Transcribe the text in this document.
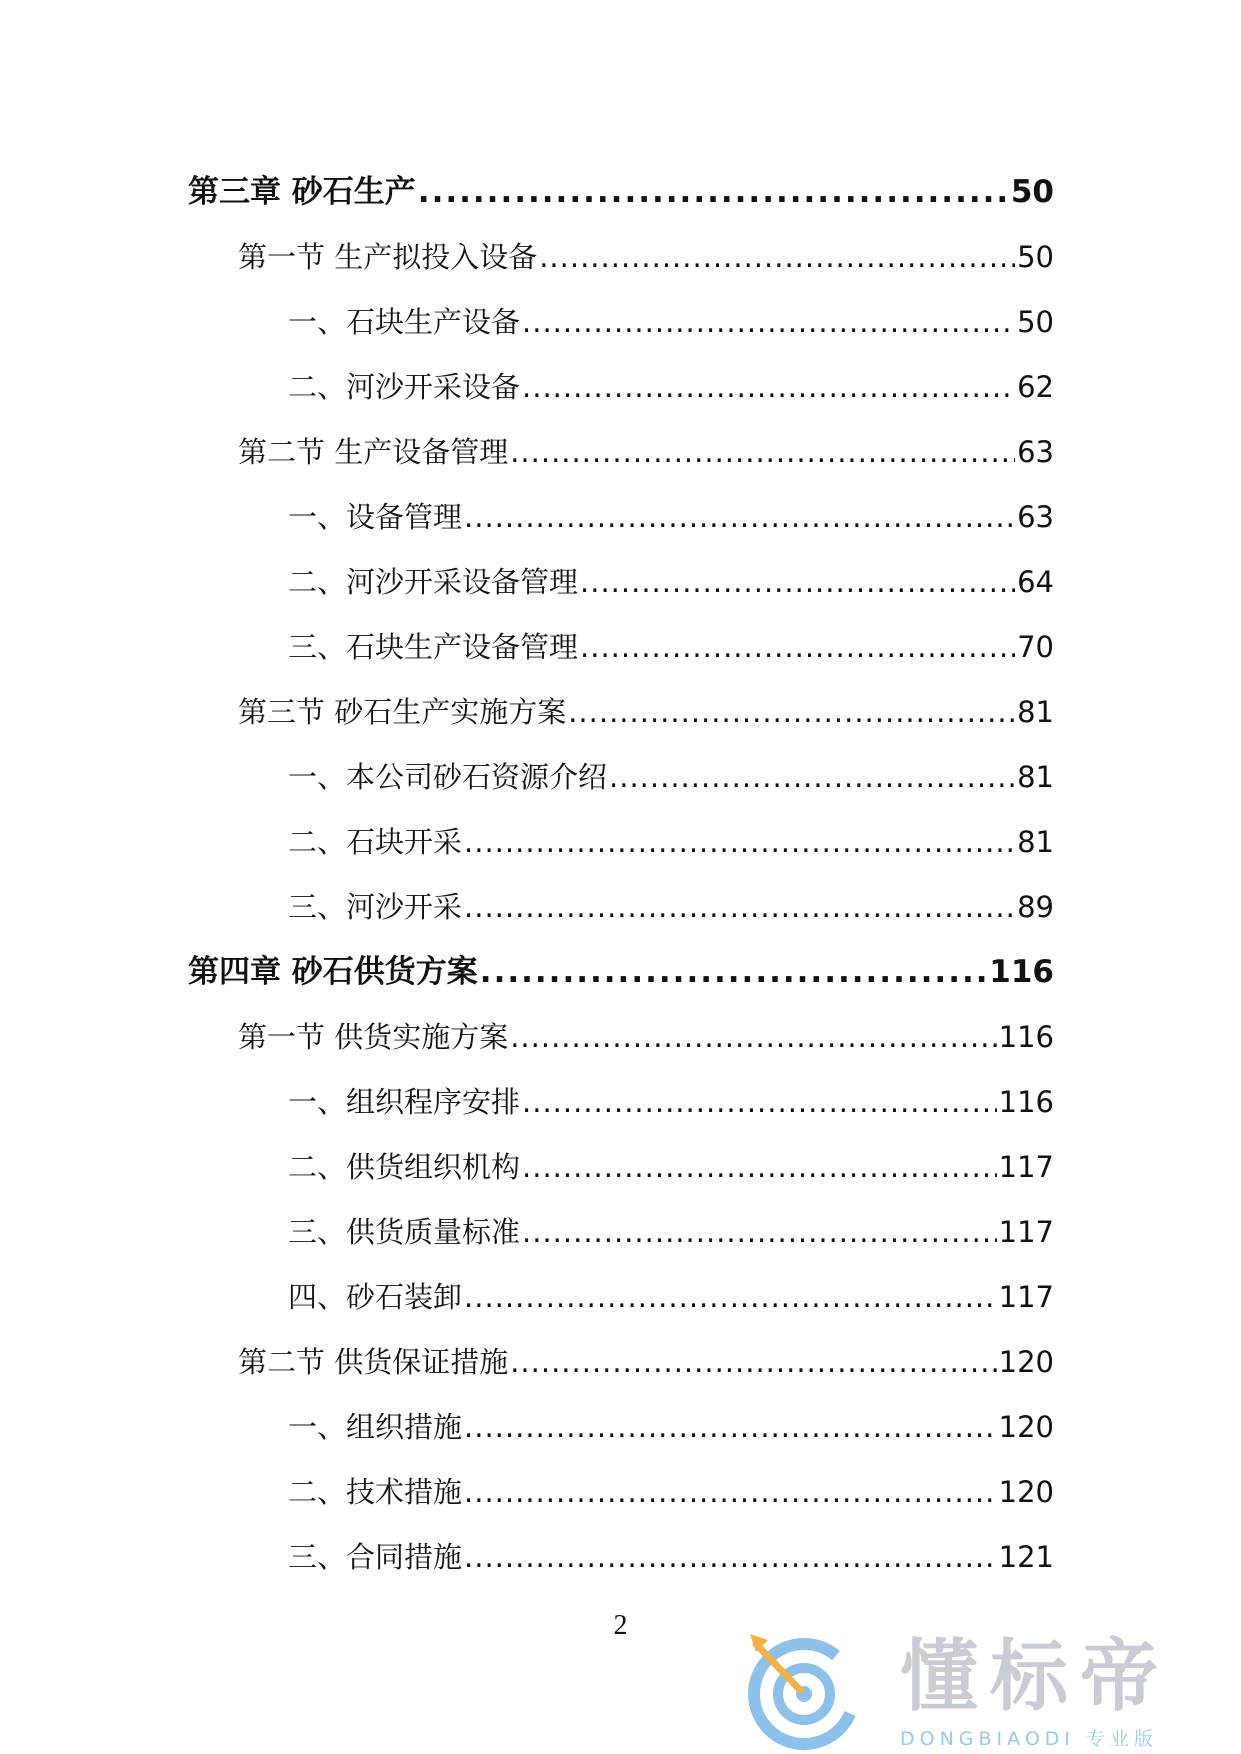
第三章 砂石生产 .....	50
第一节 生产拟投入设备 .....	50
一、石块生产设备 .....	50
二、河沙开采设备 .....	62
第二节 生产设备管理 .....	63
一、设备管理 .....	63
二、河沙开采设备管理 .....	64
三、石块生产设备管理 .....	70
第三节 砂石生产实施方案 .....	81
一、本公司砂石资源介绍 .....	81
二、石块开采 .....	81
三、河沙开采 .....	89
第四章 砂石供货方案 .....	116
第一节 供货实施方案 .....	116
一、组织程序安排 .....	116
二、供货组织机构 .....	117
三、供货质量标准 .....	117
四、砂石装卸 .....	117
第二节 供货保证措施 .....	120
一、组织措施 .....	120
二、技术措施 .....	120
三、合同措施 .....	121
2
懂标帝
DONGBIAODI 专业版
